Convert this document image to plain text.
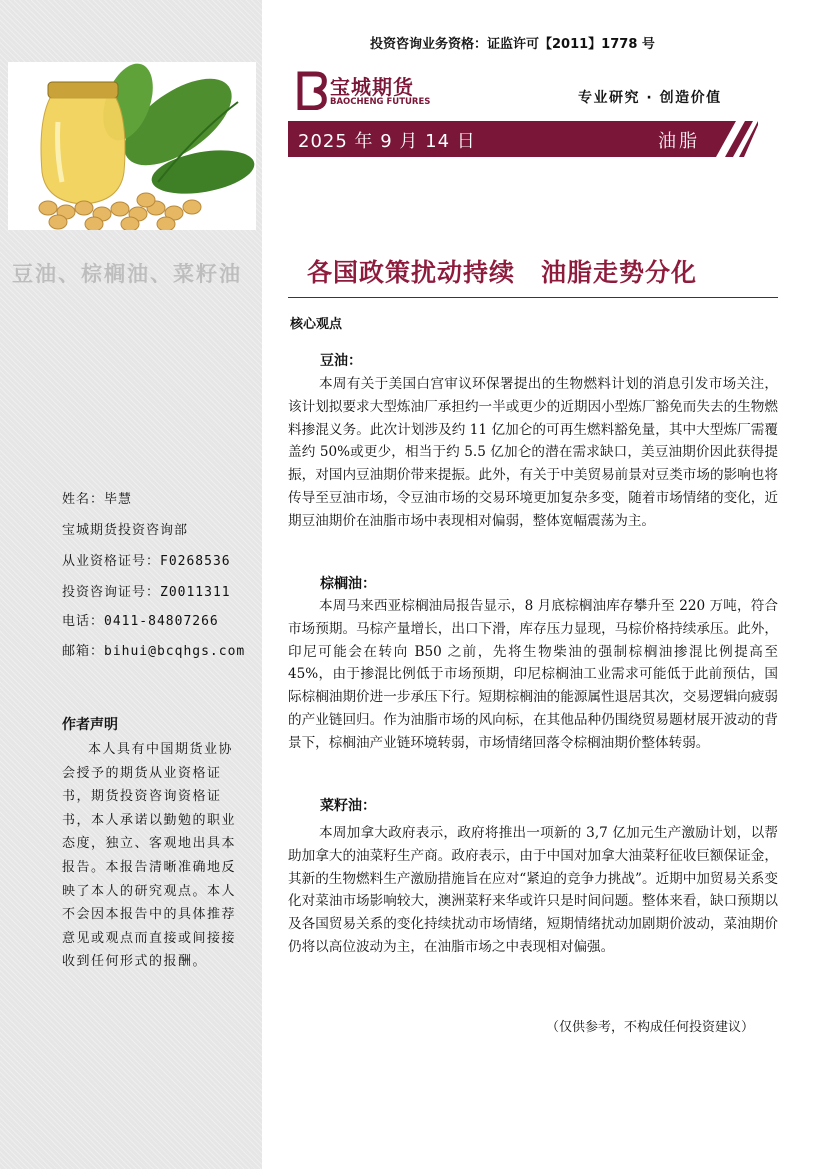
豆油、棕榈油、菜籽油
姓名：毕慧
宝城期货投资咨询部
从业资格证号：F0268536
投资咨询证号：Z0011311
电话：0411-84807266
邮箱：bihui@bcqhgs.com
作者声明
本人具有中国期货业协会授予的期货从业资格证书，期货投资咨询资格证书，本人承诺以勤勉的职业态度，独立、客观地出具本报告。本报告清晰准确地反映了本人的研究观点。本人不会因本报告中的具体推荐意见或观点而直接或间接接收到任何形式的报酬。
投资咨询业务资格：证监许可【2011】1778 号
宝城期货
BAOCHENG FUTURES	专业研究 · 创造价值
2025 年 9 月 14 日	油脂
各国政策扰动持续　油脂走势分化
核心观点
豆油：
本周有关于美国白宫审议环保署提出的生物燃料计划的消息引发市场关注，该计划拟要求大型炼油厂承担约一半或更少的近期因小型炼厂豁免而失去的生物燃料掺混义务。此次计划涉及约 11 亿加仑的可再生燃料豁免量，其中大型炼厂需覆盖约 50%或更少，相当于约 5.5 亿加仑的潜在需求缺口，美豆油期价因此获得提振，对国内豆油期价带来提振。此外，有关于中美贸易前景对豆类市场的影响也将传导至豆油市场，令豆油市场的交易环境更加复杂多变，随着市场情绪的变化，近期豆油期价在油脂市场中表现相对偏弱，整体宽幅震荡为主。
棕榈油：
本周马来西亚棕榈油局报告显示，8 月底棕榈油库存攀升至 220 万吨，符合市场预期。马棕产量增长，出口下滑，库存压力显现，马棕价格持续承压。此外，印尼可能会在转向 B50 之前，先将生物柴油的强制棕榈油掺混比例提高至 45%，由于掺混比例低于市场预期，印尼棕榈油工业需求可能低于此前预估，国际棕榈油期价进一步承压下行。短期棕榈油的能源属性退居其次，交易逻辑向疲弱的产业链回归。作为油脂市场的风向标，在其他品种仍围绕贸易题材展开波动的背景下，棕榈油产业链环境转弱，市场情绪回落令棕榈油期价整体转弱。
菜籽油：
本周加拿大政府表示，政府将推出一项新的 3,7 亿加元生产激励计划，以帮助加拿大的油菜籽生产商。政府表示，由于中国对加拿大油菜籽征收巨额保证金，其新的生物燃料生产激励措施旨在应对“紧迫的竞争力挑战”。近期中加贸易关系变化对菜油市场影响较大，澳洲菜籽来华或许只是时间问题。整体来看，缺口预期以及各国贸易关系的变化持续扰动市场情绪，短期情绪扰动加剧期价波动，菜油期价仍将以高位波动为主，在油脂市场之中表现相对偏强。
（仅供参考，不构成任何投资建议）
